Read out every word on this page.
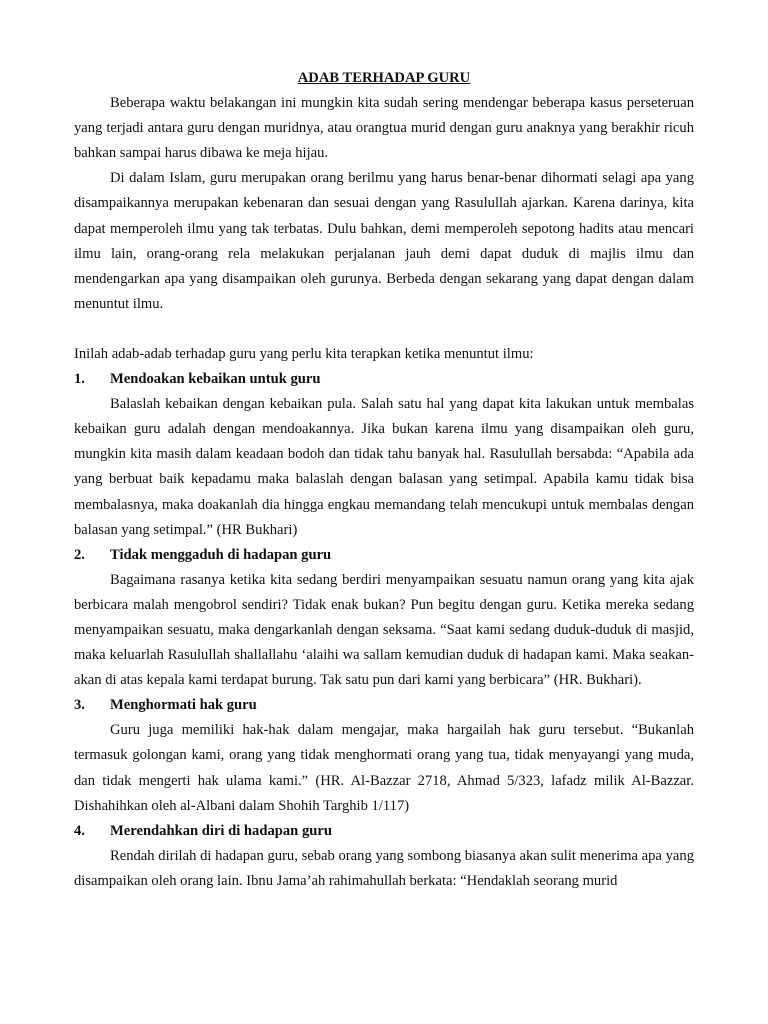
ADAB TERHADAP GURU

Beberapa waktu belakangan ini mungkin kita sudah sering mendengar beberapa kasus perseteruan yang terjadi antara guru dengan muridnya, atau orangtua murid dengan guru anaknya yang berakhir ricuh bahkan sampai harus dibawa ke meja hijau.

Di dalam Islam, guru merupakan orang berilmu yang harus benar-benar dihormati selagi apa yang disampaikannya merupakan kebenaran dan sesuai dengan yang Rasulullah ajarkan. Karena darinya, kita dapat memperoleh ilmu yang tak terbatas. Dulu bahkan, demi memperoleh sepotong hadits atau mencari ilmu lain, orang-orang rela melakukan perjalanan jauh demi dapat duduk di majlis ilmu dan mendengarkan apa yang disampaikan oleh gurunya. Berbeda dengan sekarang yang dapat dengan dalam menuntut ilmu.

Inilah adab-adab terhadap guru yang perlu kita terapkan ketika menuntut ilmu:

1.	Mendoakan kebaikan untuk guru

Balaslah kebaikan dengan kebaikan pula. Salah satu hal yang dapat kita lakukan untuk membalas kebaikan guru adalah dengan mendoakannya. Jika bukan karena ilmu yang disampaikan oleh guru, mungkin kita masih dalam keadaan bodoh dan tidak tahu banyak hal. Rasulullah bersabda: “Apabila ada yang berbuat baik kepadamu maka balaslah dengan balasan yang setimpal. Apabila kamu tidak bisa membalasnya, maka doakanlah dia hingga engkau memandang telah mencukupi untuk membalas dengan balasan yang setimpal.” (HR Bukhari)

2.	Tidak menggaduh di hadapan guru

Bagaimana rasanya ketika kita sedang berdiri menyampaikan sesuatu namun orang yang kita ajak berbicara malah mengobrol sendiri? Tidak enak bukan? Pun begitu dengan guru. Ketika mereka sedang menyampaikan sesuatu, maka dengarkanlah dengan seksama. “Saat kami sedang duduk-duduk di masjid, maka keluarlah Rasulullah shallallahu ‘alaihi wa sallam kemudian duduk di hadapan kami. Maka seakan-akan di atas kepala kami terdapat burung. Tak satu pun dari kami yang berbicara” (HR. Bukhari).

3.	Menghormati hak guru

Guru juga memiliki hak-hak dalam mengajar, maka hargailah hak guru tersebut. “Bukanlah termasuk golongan kami, orang yang tidak menghormati orang yang tua, tidak menyayangi yang muda, dan tidak mengerti hak ulama kami.” (HR. Al-Bazzar 2718, Ahmad 5/323, lafadz milik Al-Bazzar. Dishahihkan oleh al-Albani dalam Shohih Targhib 1/117)

4.	Merendahkan diri di hadapan guru

Rendah dirilah di hadapan guru, sebab orang yang sombong biasanya akan sulit menerima apa yang disampaikan oleh orang lain. Ibnu Jama’ah rahimahullah berkata: “Hendaklah seorang murid
